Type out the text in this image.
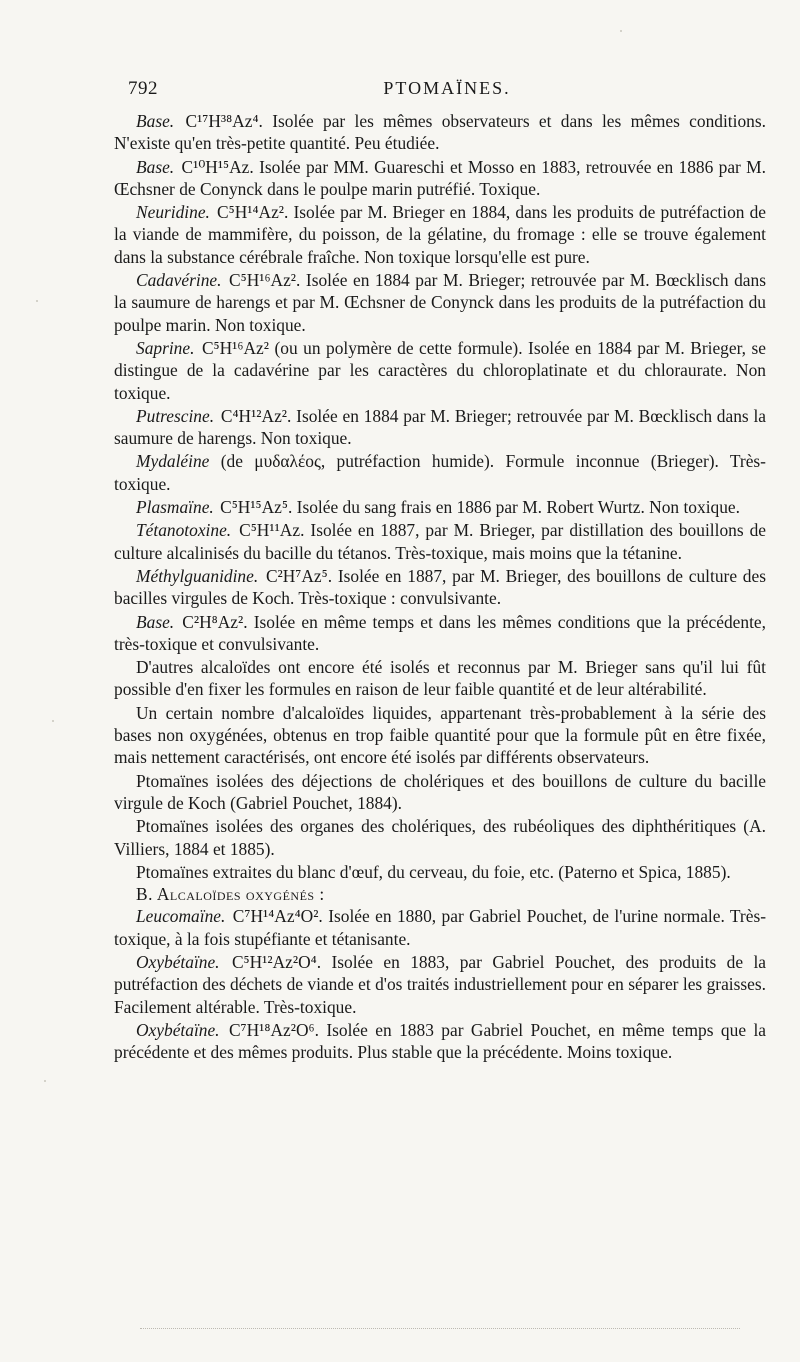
792	PTOMAÏNES.

Base. C¹⁷H³⁸Az⁴. Isolée par les mêmes observateurs et dans les mêmes conditions. N'existe qu'en très-petite quantité. Peu étudiée.

Base. C¹⁰H¹⁵Az. Isolée par MM. Guareschi et Mosso en 1883, retrouvée en 1886 par M. Œchsner de Conynck dans le poulpe marin putréfié. Toxique.

Neuridine. C⁵H¹⁴Az². Isolée par M. Brieger en 1884, dans les produits de putréfaction de la viande de mammifère, du poisson, de la gélatine, du fromage : elle se trouve également dans la substance cérébrale fraîche. Non toxique lorsqu'elle est pure.

Cadavérine. C⁵H¹⁶Az². Isolée en 1884 par M. Brieger; retrouvée par M. Bœcklisch dans la saumure de harengs et par M. Œchsner de Conynck dans les produits de la putréfaction du poulpe marin. Non toxique.

Saprine. C⁵H¹⁶Az² (ou un polymère de cette formule). Isolée en 1884 par M. Brieger, se distingue de la cadavérine par les caractères du chloroplatinate et du chloraurate. Non toxique.

Putrescine. C⁴H¹²Az². Isolée en 1884 par M. Brieger; retrouvée par M. Bœcklisch dans la saumure de harengs. Non toxique.

Mydaléine (de μυδαλέος, putréfaction humide). Formule inconnue (Brieger). Très-toxique.

Plasmaïne. C⁵H¹⁵Az⁵. Isolée du sang frais en 1886 par M. Robert Wurtz. Non toxique.

Tétanotoxine. C⁵H¹¹Az. Isolée en 1887, par M. Brieger, par distillation des bouillons de culture alcalinisés du bacille du tétanos. Très-toxique, mais moins que la tétanine.

Méthylguanidine. C²H⁷Az⁵. Isolée en 1887, par M. Brieger, des bouillons de culture des bacilles virgules de Koch. Très-toxique : convulsivante.

Base. C²H⁸Az². Isolée en même temps et dans les mêmes conditions que la précédente, très-toxique et convulsivante.

D'autres alcaloïdes ont encore été isolés et reconnus par M. Brieger sans qu'il lui fût possible d'en fixer les formules en raison de leur faible quantité et de leur altérabilité.

Un certain nombre d'alcaloïdes liquides, appartenant très-probablement à la série des bases non oxygénées, obtenus en trop faible quantité pour que la formule pût en être fixée, mais nettement caractérisés, ont encore été isolés par différents observateurs.

Ptomaïnes isolées des déjections de cholériques et des bouillons de culture du bacille virgule de Koch (Gabriel Pouchet, 1884).

Ptomaïnes isolées des organes des cholériques, des rubéoliques des diphthéritiques (A. Villiers, 1884 et 1885).

Ptomaïnes extraites du blanc d'œuf, du cerveau, du foie, etc. (Paterno et Spica, 1885).

B. Alcaloïdes oxygénés :

Leucomaïne. C⁷H¹⁴Az⁴O². Isolée en 1880, par Gabriel Pouchet, de l'urine normale. Très-toxique, à la fois stupéfiante et tétanisante.

Oxybétaïne. C⁵H¹²Az²O⁴. Isolée en 1883, par Gabriel Pouchet, des produits de la putréfaction des déchets de viande et d'os traités industriellement pour en séparer les graisses. Facilement altérable. Très-toxique.

Oxybétaïne. C⁷H¹⁸Az²O⁶. Isolée en 1883 par Gabriel Pouchet, en même temps que la précédente et des mêmes produits. Plus stable que la précédente. Moins toxique.
